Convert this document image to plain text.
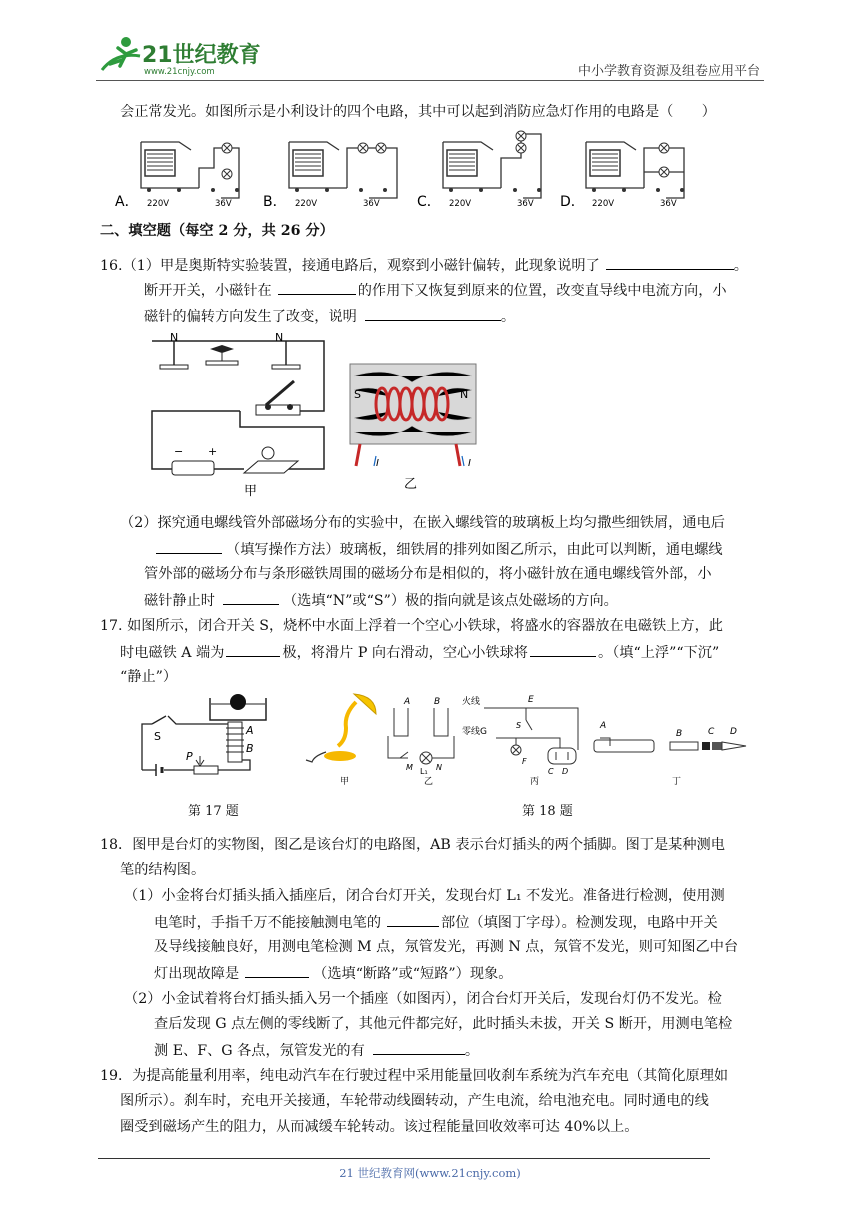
21世纪教育
www.21cnjy.com	中小学教育资源及组卷应用平台
会正常发光。如图所示是小利设计的四个电路，其中可以起到消防应急灯作用的电路是（　　）
A． 220V	36V B． 220V	36V	C． 220V	36V D． 220V	36V
二、填空题（每空 2 分，共 26 分）
16.（1）甲是奥斯特实验装置，接通电路后，观察到小磁针偏转，此现象说明了	。
断开开关，小磁针在	的作用下又恢复到原来的位置，改变直导线中电流方向，小
磁针的偏转方向发生了改变，说明	。
N	N
− +
甲
S	N
I	I
乙
（2）探究通电螺线管外部磁场分布的实验中，在嵌入螺线管的玻璃板上均匀撒些细铁屑，通电后
（填写操作方法）玻璃板，细铁屑的排列如图乙所示，由此可以判断，通电螺线
管外部的磁场分布与条形磁铁周围的磁场分布是相似的，将小磁针放在通电螺线管外部，小
磁针静止时	（选填“N”或“S”）极的指向就是该点处磁场的方向。
17. 如图所示，闭合开关 S，烧杯中水面上浮着一个空心小铁球，将盛水的容器放在电磁铁上方，此
时电磁铁 A 端为	极，将滑片 P 向右滑动，空心小铁球将	。（填“上浮”“下沉”
“静止”）
A
B
S
P
第 17 题
甲
A	B
M L₁ N
乙
火线
零线G
E
S
F
C D
丙
A
B	C D
丁
第 18 题
18．图甲是台灯的实物图，图乙是该台灯的电路图，AB 表示台灯插头的两个插脚。图丁是某种测电
笔的结构图。
（1）小金将台灯插头插入插座后，闭合台灯开关，发现台灯 L₁ 不发光。准备进行检测，使用测
电笔时，手指千万不能接触测电笔的	部位（填图丁字母）。检测发现，电路中开关
及导线接触良好，用测电笔检测 M 点，氖管发光，再测 N 点，氖管不发光，则可知图乙中台
灯出现故障是	（选填“断路”或“短路”）现象。
（2）小金试着将台灯插头插入另一个插座（如图丙），闭合台灯开关后，发现台灯仍不发光。检
查后发现 G 点左侧的零线断了，其他元件都完好，此时插头未拔，开关 S 断开，用测电笔检
测 E、F、G 各点，氖管发光的有	。
19．为提高能量利用率，纯电动汽车在行驶过程中采用能量回收刹车系统为汽车充电（其简化原理如
图所示）。刹车时，充电开关接通，车轮带动线圈转动，产生电流，给电池充电。同时通电的线
圈受到磁场产生的阻力，从而减缓车轮转动。该过程能量回收效率可达 40%以上。
21 世纪教育网(www.21cnjy.com)
